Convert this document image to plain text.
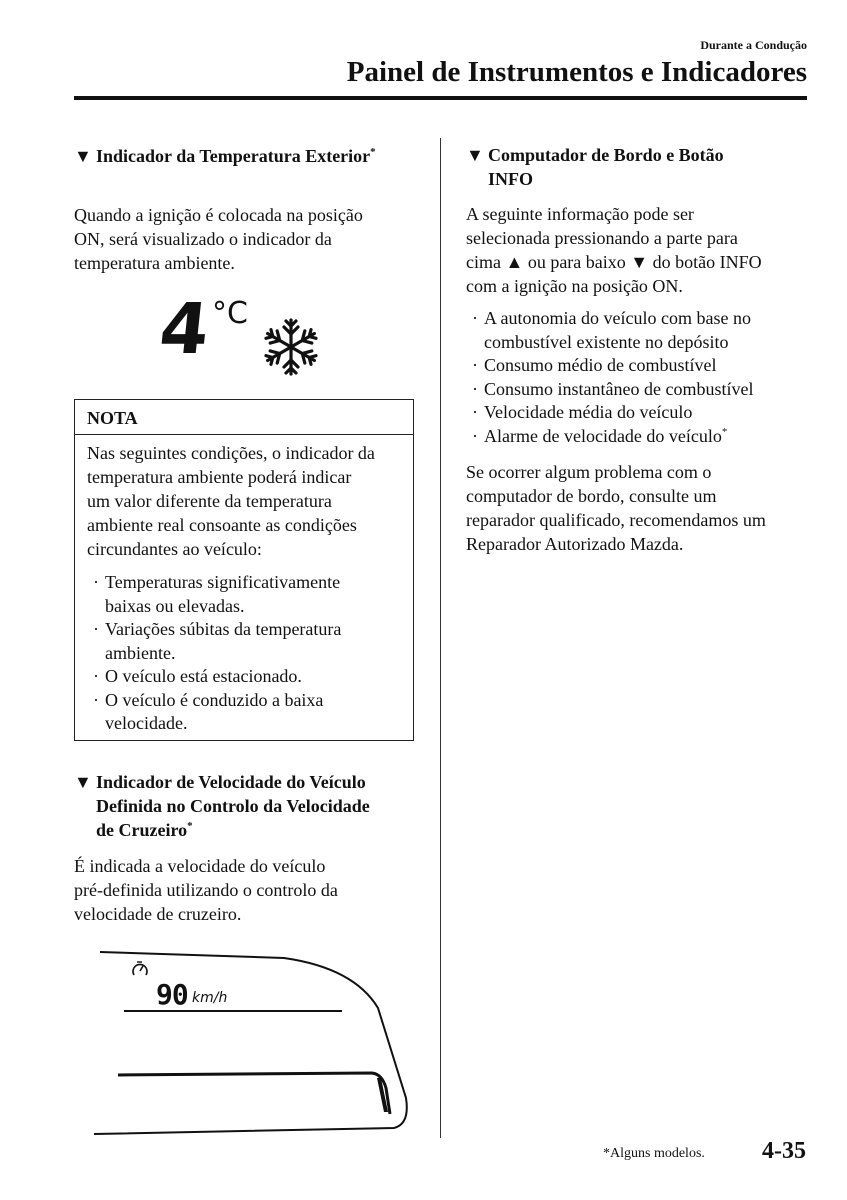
Durante a Condução
Painel de Instrumentos e Indicadores
▼ Indicador da Temperatura Exterior*
Quando a ignição é colocada na posição
ON, será visualizado o indicador da
temperatura ambiente.
4
°C
NOTA
Nas seguintes condições, o indicador da
temperatura ambiente poderá indicar
um valor diferente da temperatura
ambiente real consoante as condições
circundantes ao veículo:
· Temperaturas significativamente
baixas ou elevadas.
· Variações súbitas da temperatura
ambiente.
· O veículo está estacionado.
· O veículo é conduzido a baixa
velocidade.
▼ Indicador de Velocidade do Veículo
Definida no Controlo da Velocidade
de Cruzeiro*
É indicada a velocidade do veículo
pré-definida utilizando o controlo da
velocidade de cruzeiro.
90 km/h
▼ Computador de Bordo e Botão
INFO
A seguinte informação pode ser
selecionada pressionando a parte para
cima ▲ ou para baixo ▼ do botão INFO
com a ignição na posição ON.
· A autonomia do veículo com base no
combustível existente no depósito
· Consumo médio de combustível
· Consumo instantâneo de combustível
· Velocidade média do veículo
· Alarme de velocidade do veículo*
Se ocorrer algum problema com o
computador de bordo, consulte um
reparador qualificado, recomendamos um
Reparador Autorizado Mazda.
*Alguns modelos. 4-35
